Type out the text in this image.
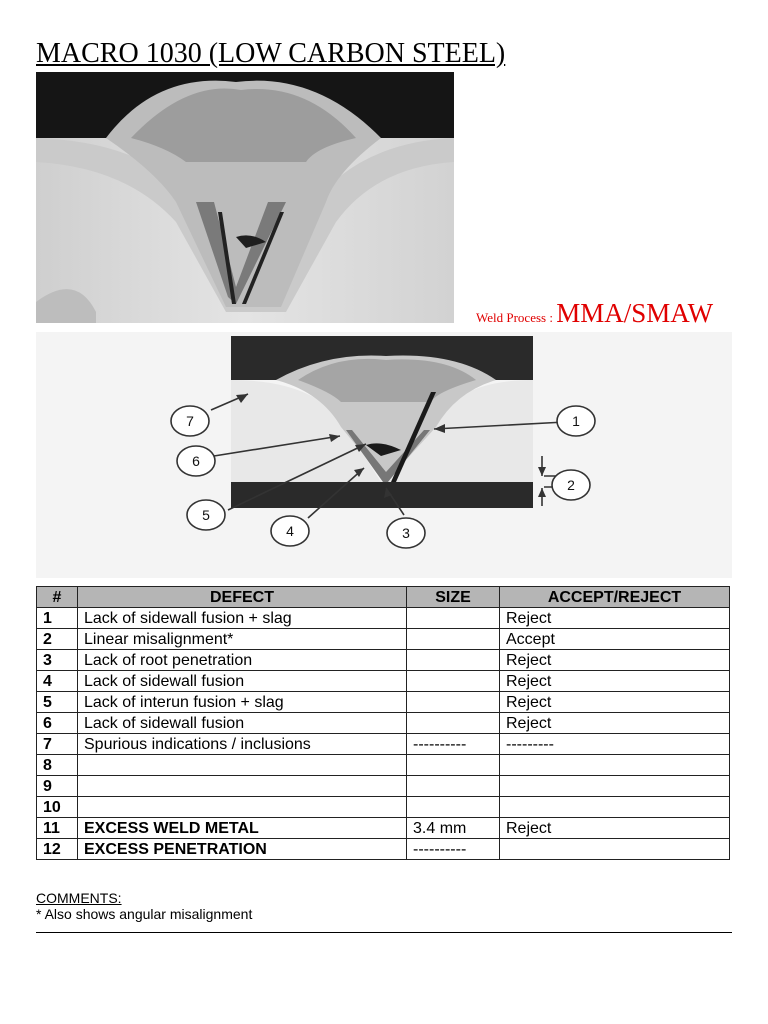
MACRO 1030 (LOW CARBON STEEL)
Weld Process : MMA/SMAW
7	1
6
2
5
4	3
#	DEFECT	SIZE	ACCEPT/REJECT
1	Lack of sidewall fusion + slag		Reject
2	Linear misalignment*		Accept
3	Lack of root penetration		Reject
4	Lack of sidewall fusion		Reject
5	Lack of interun fusion + slag		Reject
6	Lack of sidewall fusion		Reject
7	Spurious indications / inclusions	----------	---------
8			
9			
10			
11	EXCESS WELD METAL	3.4 mm	Reject
12	EXCESS PENETRATION	----------	
COMMENTS:
* Also shows angular misalignment
